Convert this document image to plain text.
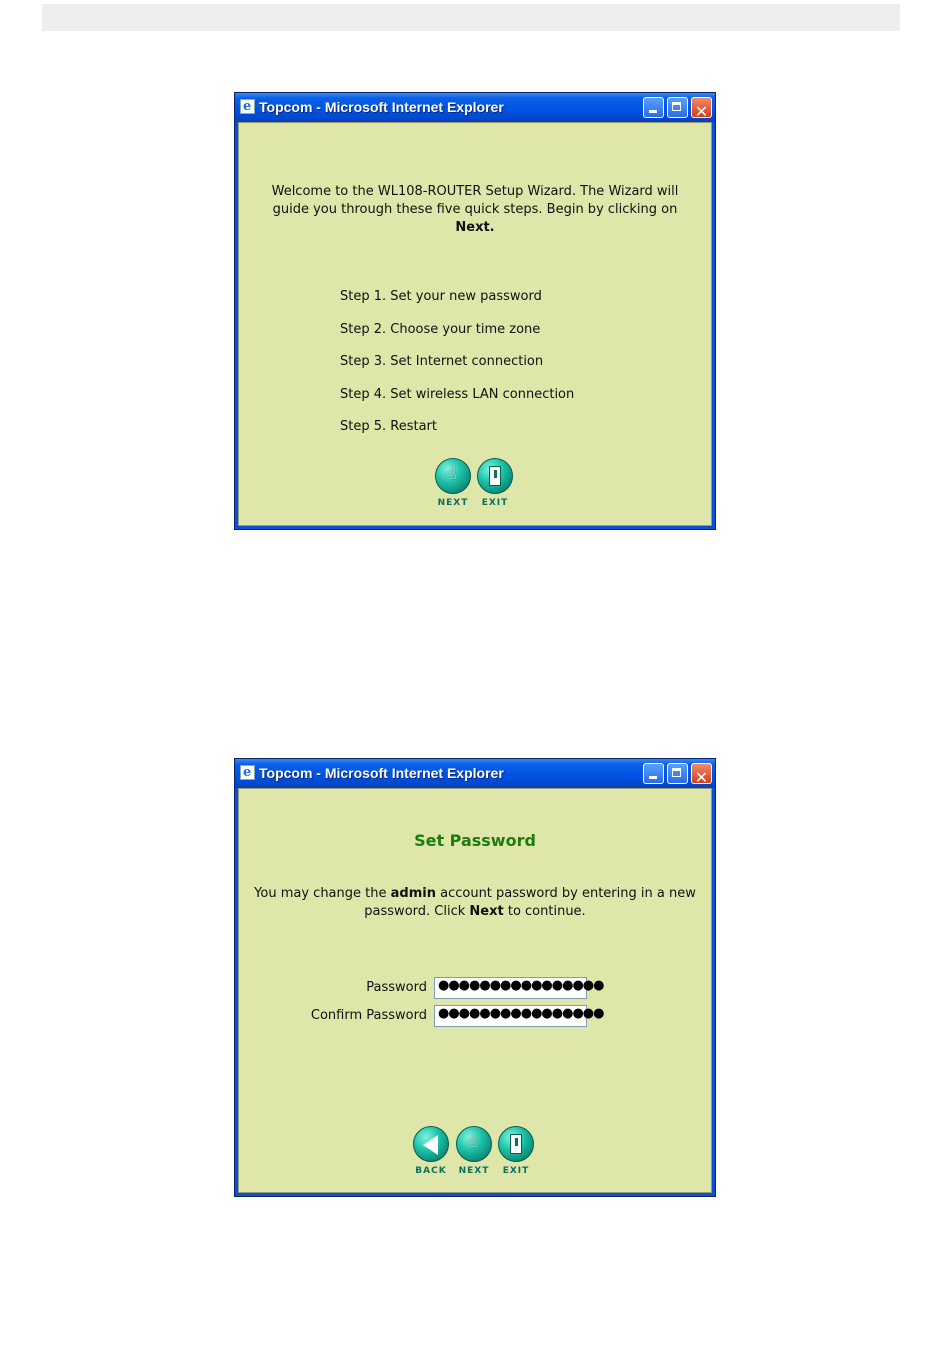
e
Topcom - Microsoft Internet Explorer	✕
Welcome to the WL108-ROUTER Setup Wizard. The Wizard will guide you through these five quick steps. Begin by clicking on
Next.
Step 1. Set your new password
Step 2. Choose your time zone
Step 3. Set Internet connection
Step 4. Set wireless LAN connection
Step 5. Restart
☝
NEXT	EXIT
e
Topcom - Microsoft Internet Explorer	✕
Set Password
You may change the admin account password by entering in a new password. Click Next to continue.
Password ●●●●●●●●●●●●●●●●
Confirm Password ●●●●●●●●●●●●●●●●
BACK
☝
NEXT	EXIT
